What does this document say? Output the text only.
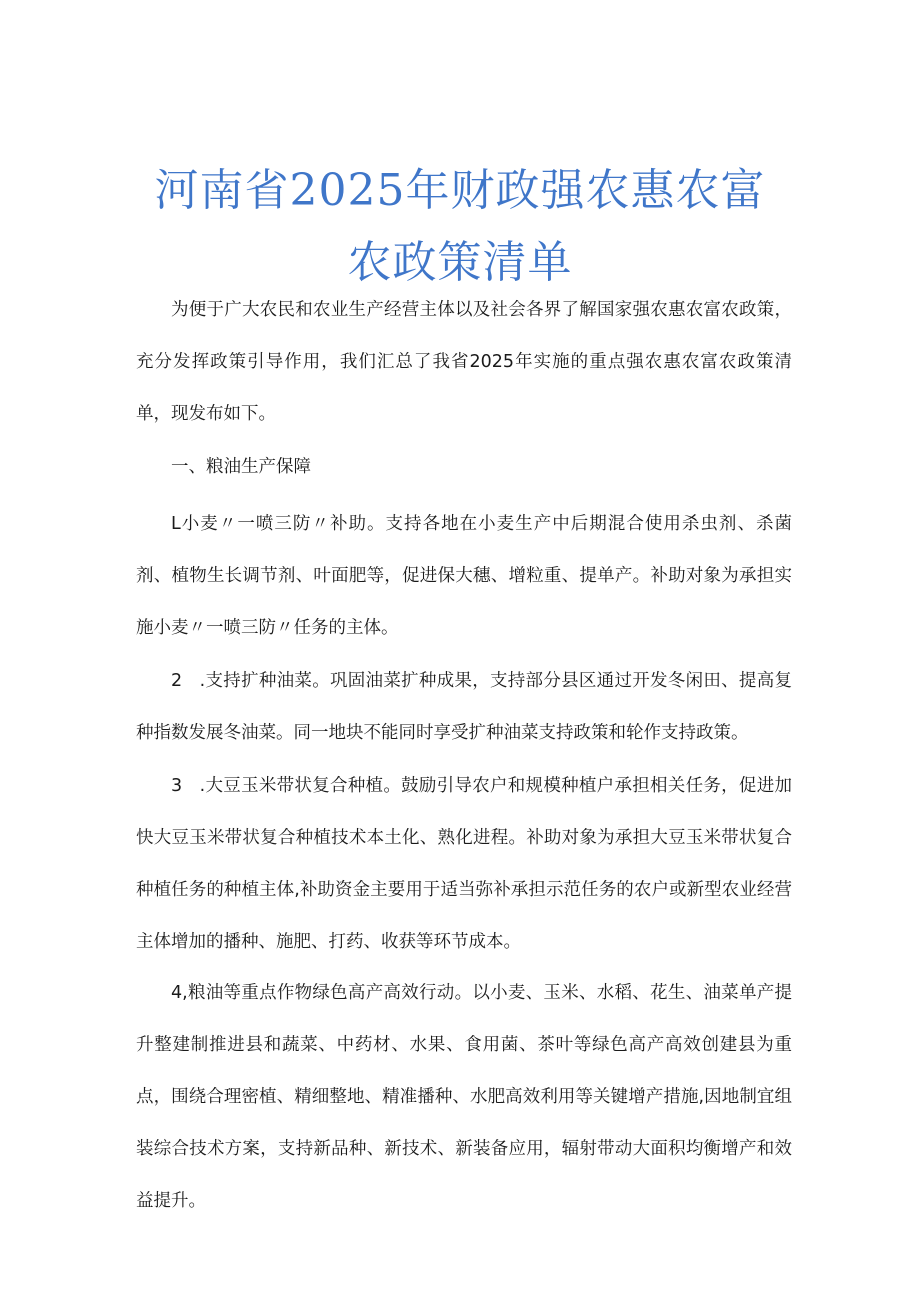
河南省2025年财政强农惠农富
农政策清单

为便于广大农民和农业生产经营主体以及社会各界了解国家强农惠农富农政策，充分发挥政策引导作用，我们汇总了我省2025年实施的重点强农惠农富农政策清单，现发布如下。

一、粮油生产保障

L小麦〃一喷三防〃补助。支持各地在小麦生产中后期混合使用杀虫剂、杀菌剂、植物生长调节剂、叶面肥等，促进保大穗、增粒重、提单产。补助对象为承担实施小麦〃一喷三防〃任务的主体。

2   .支持扩种油菜。巩固油菜扩种成果，支持部分县区通过开发冬闲田、提高复种指数发展冬油菜。同一地块不能同时享受扩种油菜支持政策和轮作支持政策。

3   .大豆玉米带状复合种植。鼓励引导农户和规模种植户承担相关任务，促进加快大豆玉米带状复合种植技术本土化、熟化进程。补助对象为承担大豆玉米带状复合种植任务的种植主体,补助资金主要用于适当弥补承担示范任务的农户或新型农业经营主体增加的播种、施肥、打药、收获等环节成本。

4,粮油等重点作物绿色高产高效行动。以小麦、玉米、水稻、花生、油菜单产提升整建制推进县和蔬菜、中药材、水果、食用菌、茶叶等绿色高产高效创建县为重点，围绕合理密植、精细整地、精准播种、水肥高效利用等关键增产措施,因地制宜组装综合技术方案，支持新品种、新技术、新装备应用，辐射带动大面积均衡增产和效益提升。
